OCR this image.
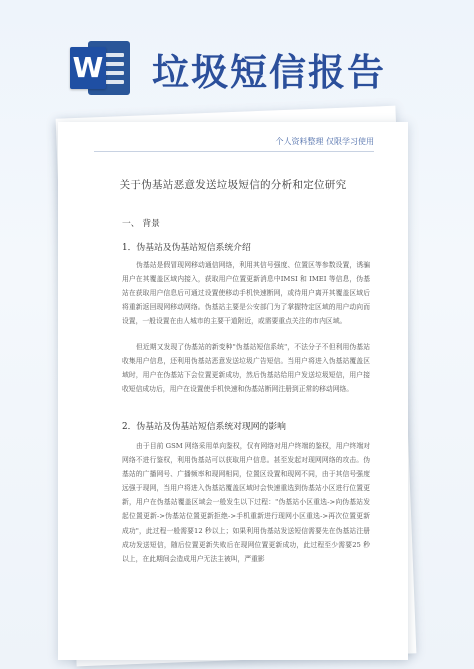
W 垃圾短信报告
个人资料整理 仅限学习使用
关于伪基站恶意发送垃圾短信的分析和定位研究
一、 背景
1．伪基站及伪基站短信系统介绍

伪基站是假冒现网移动通信网络，利用其信号强度、位置区等参数设置，诱骗用户在其覆盖区域内接入，获取用户位置更新消息中IMSI 和 IMEI 等信息，伪基站在获取用户信息后可通过设置使移动手机快速断网，或待用户离开其覆盖区域后将重新返回现网移动网络。伪基站主要是公安部门为了掌握特定区域的用户动向而设置，一般设置在由人城市的主要干道附近，或需要重点关注的市内区域。

但近期又发现了伪基站的新变种"伪基站短信系统"，不法分子不但利用伪基站收集用户信息，还利用伪基站恶意发送垃圾广告短信。当用户将进入伪基站覆盖区域时，用户在伪基站下会位置更新成功，然后伪基站给用户发送垃圾短信，用户接收短信成功后，用户在设置使手机快速和伪基站断网注册到正常的移动网络。

2．伪基站及伪基站短信系统对现网的影响

由于目前 GSM 网络采用单向鉴权，仅有网络对用户终端的鉴权，用户终端对网络不进行鉴权，利用伪基站可以获取用户信息。甚至发起对现网网络的攻击。伪基站的广播网号、广播频率和现网相同，位置区设置和现网不同，由于其信号强度远强于现网，当用户将进入伪基站覆盖区域时会快速重选到伪基站小区进行位置更新，用户在伪基站覆盖区域会一般发生以下过程："伪基站小区重选->向伪基站发起位置更新->伪基站位置更新拒绝->手机重新进行现网小区重选->再次位置更新成功"，此过程一般需要12 秒以上；如果利用伪基站发送短信需要先在伪基站注册成功发送短信，随后位置更新失败后在现网位置更新成功，此过程至少需要25 秒以上，在此期间会造成用户无法主被叫，严重影
